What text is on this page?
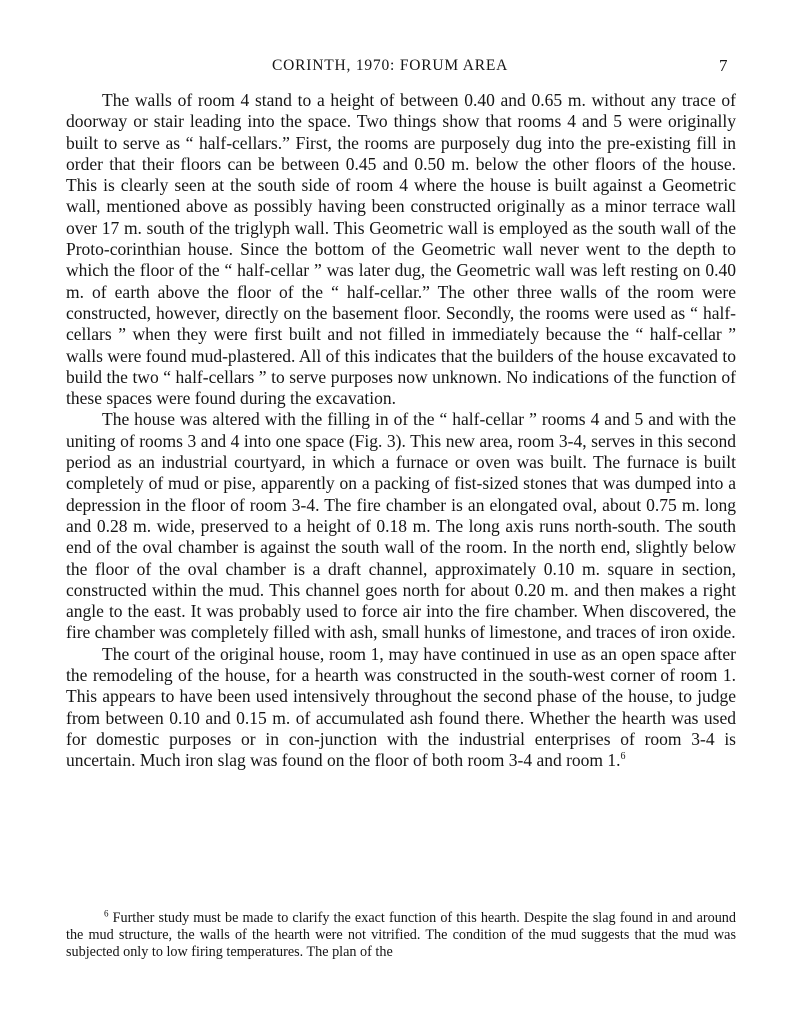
CORINTH, 1970: FORUM AREA	7

The walls of room 4 stand to a height of between 0.40 and 0.65 m. without any trace of doorway or stair leading into the space. Two things show that rooms 4 and 5 were originally built to serve as “ half-cellars.” First, the rooms are purposely dug into the pre-existing fill in order that their floors can be between 0.45 and 0.50 m. below the other floors of the house. This is clearly seen at the south side of room 4 where the house is built against a Geometric wall, mentioned above as possibly having been constructed originally as a minor terrace wall over 17 m. south of the triglyph wall. This Geometric wall is employed as the south wall of the Proto-corinthian house. Since the bottom of the Geometric wall never went to the depth to which the floor of the “ half-cellar ” was later dug, the Geometric wall was left resting on 0.40 m. of earth above the floor of the “ half-cellar.” The other three walls of the room were constructed, however, directly on the basement floor. Secondly, the rooms were used as “ half-cellars ” when they were first built and not filled in immediately because the “ half-cellar ” walls were found mud-plastered. All of this indicates that the builders of the house excavated to build the two “ half-cellars ” to serve purposes now unknown. No indications of the function of these spaces were found during the excavation.

The house was altered with the filling in of the “ half-cellar ” rooms 4 and 5 and with the uniting of rooms 3 and 4 into one space (Fig. 3). This new area, room 3-4, serves in this second period as an industrial courtyard, in which a furnace or oven was built. The furnace is built completely of mud or pise, apparently on a packing of fist-sized stones that was dumped into a depression in the floor of room 3-4. The fire chamber is an elongated oval, about 0.75 m. long and 0.28 m. wide, preserved to a height of 0.18 m. The long axis runs north-south. The south end of the oval chamber is against the south wall of the room. In the north end, slightly below the floor of the oval chamber is a draft channel, approximately 0.10 m. square in section, constructed within the mud. This channel goes north for about 0.20 m. and then makes a right angle to the east. It was probably used to force air into the fire chamber. When discovered, the fire chamber was completely filled with ash, small hunks of limestone, and traces of iron oxide.

The court of the original house, room 1, may have continued in use as an open space after the remodeling of the house, for a hearth was constructed in the south-west corner of room 1. This appears to have been used intensively throughout the second phase of the house, to judge from between 0.10 and 0.15 m. of accumulated ash found there. Whether the hearth was used for domestic purposes or in con-junction with the industrial enterprises of room 3-4 is uncertain. Much iron slag was found on the floor of both room 3-4 and room 1.$^6$

$^6$ Further study must be made to clarify the exact function of this hearth. Despite the slag found in and around the mud structure, the walls of the hearth were not vitrified. The condition of the mud suggests that the mud was subjected only to low firing temperatures. The plan of the
